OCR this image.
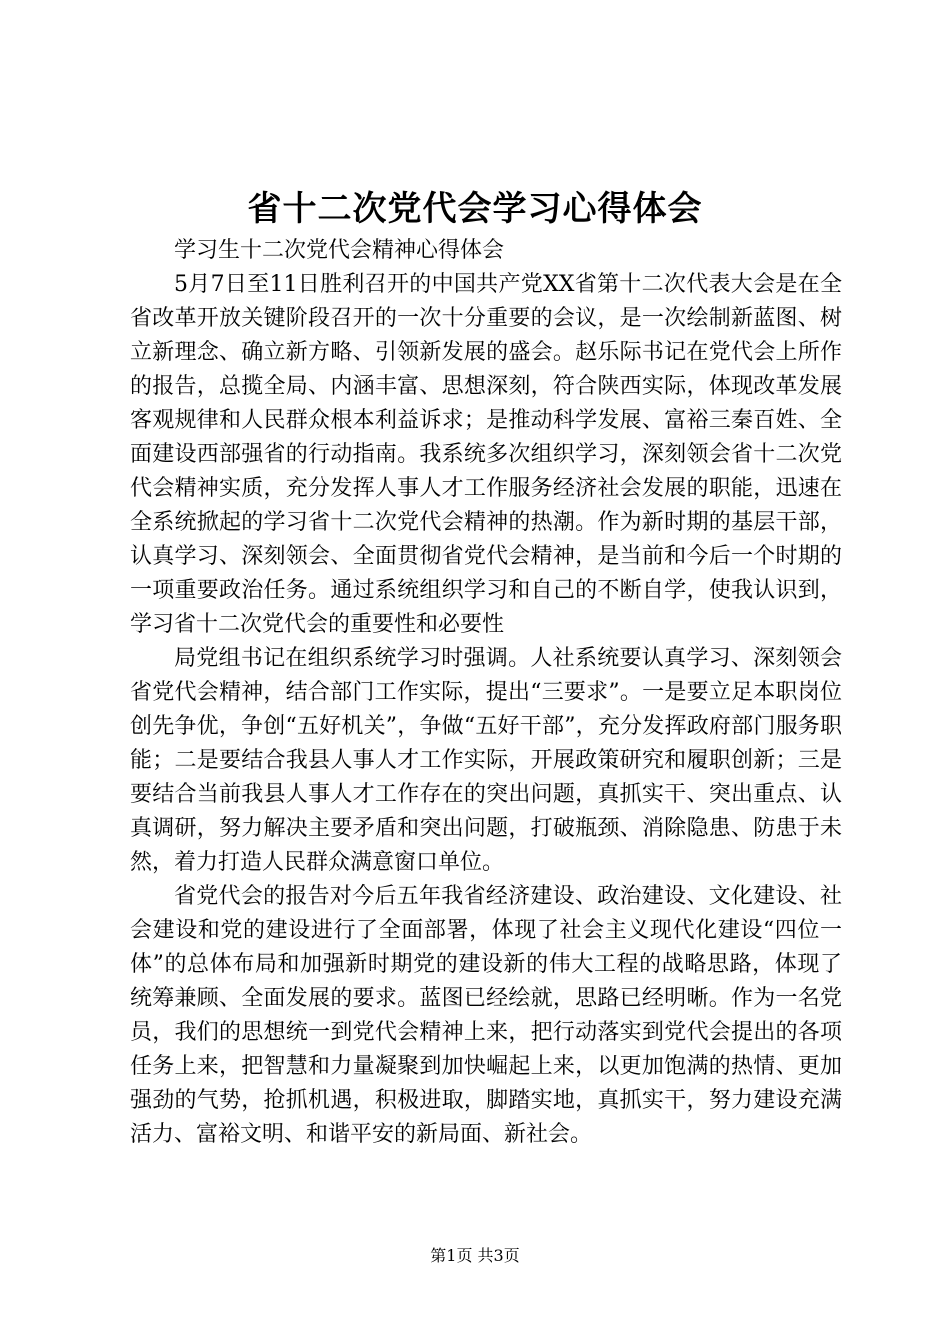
省十二次党代会学习心得体会

学习生十二次党代会精神心得体会

5月7日至11日胜利召开的中国共产党XX省第十二次代表大会是在全省改革开放关键阶段召开的一次十分重要的会议，是一次绘制新蓝图、树立新理念、确立新方略、引领新发展的盛会。赵乐际书记在党代会上所作的报告，总揽全局、内涵丰富、思想深刻，符合陕西实际，体现改革发展客观规律和人民群众根本利益诉求；是推动科学发展、富裕三秦百姓、全面建设西部强省的行动指南。我系统多次组织学习，深刻领会省十二次党代会精神实质，充分发挥人事人才工作服务经济社会发展的职能，迅速在全系统掀起的学习省十二次党代会精神的热潮。作为新时期的基层干部，认真学习、深刻领会、全面贯彻省党代会精神，是当前和今后一个时期的一项重要政治任务。通过系统组织学习和自己的不断自学，使我认识到，学习省十二次党代会的重要性和必要性

局党组书记在组织系统学习时强调。人社系统要认真学习、深刻领会省党代会精神，结合部门工作实际，提出“三要求”。一是要立足本职岗位创先争优，争创“五好机关”，争做“五好干部”，充分发挥政府部门服务职能；二是要结合我县人事人才工作实际，开展政策研究和履职创新；三是要结合当前我县人事人才工作存在的突出问题，真抓实干、突出重点、认真调研，努力解决主要矛盾和突出问题，打破瓶颈、消除隐患、防患于未然，着力打造人民群众满意窗口单位。

省党代会的报告对今后五年我省经济建设、政治建设、文化建设、社会建设和党的建设进行了全面部署，体现了社会主义现代化建设“四位一体”的总体布局和加强新时期党的建设新的伟大工程的战略思路，体现了统筹兼顾、全面发展的要求。蓝图已经绘就，思路已经明晰。作为一名党员，我们的思想统一到党代会精神上来，把行动落实到党代会提出的各项任务上来，把智慧和力量凝聚到加快崛起上来，以更加饱满的热情、更加强劲的气势，抢抓机遇，积极进取，脚踏实地，真抓实干，努力建设充满活力、富裕文明、和谐平安的新局面、新社会。

第1页 共3页
